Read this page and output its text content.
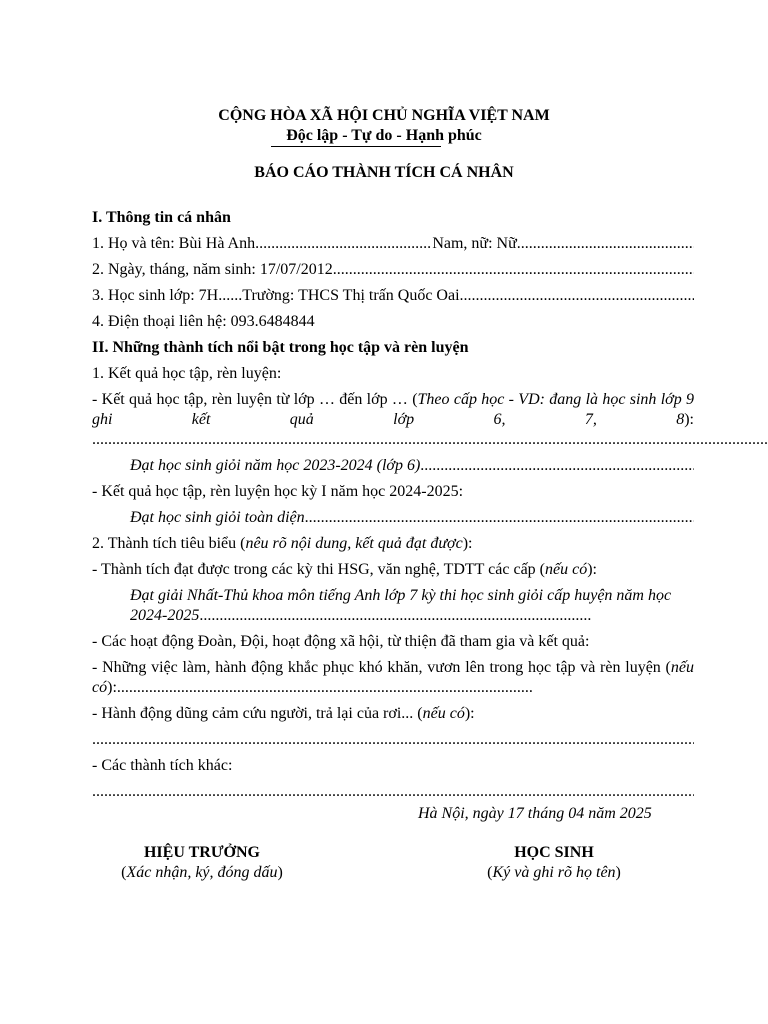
CỘNG HÒA XÃ HỘI CHỦ NGHĨA VIỆT NAM
Độc lập - Tự do - Hạnh phúc
BÁO CÁO THÀNH TÍCH CÁ NHÂN
I. Thông tin cá nhân
1. Họ và tên: Bùi Hà Anh
.....	Nam, nữ: Nữ
.....
2. Ngày, tháng, năm sinh: 17/07/2012
.....
3. Học sinh lớp: 7H......Trường: THCS Thị trấn Quốc Oai
.....
4. Điện thoại liên hệ: 093.6484844
II. Những thành tích nổi bật trong học tập và rèn luyện
1. Kết quả học tập, rèn luyện:
- Kết quả học tập, rèn luyện từ lớp … đến lớp … (Theo cấp học - VD: đang là học sinh lớp 9 ghi kết quả lớp 6, 7, 8): ................................................................................. .....
Đạt học sinh giỏi năm học 2023-2024 (lớp 6)
.....
- Kết quả học tập, rèn luyện học kỳ I năm học 2024-2025:
Đạt học sinh giỏi toàn diện
.....
2. Thành tích tiêu biểu (nêu rõ nội dung, kết quả đạt được):
- Thành tích đạt được trong các kỳ thi HSG, văn nghệ, TDTT các cấp (nếu có):
Đạt giải Nhất-Thủ khoa môn tiếng Anh lớp 7 kỳ thi học sinh giỏi cấp huyện năm học 2024-2025..................................................................................................
- Các hoạt động Đoàn, Đội, hoạt động xã hội, từ thiện đã tham gia và kết quả:
- Những việc làm, hành động khắc phục khó khăn, vươn lên trong học tập và rèn luyện (nếu có):........................................................................................................
- Hành động dũng cảm cứu người, trả lại của rơi... (nếu có):
.....
- Các thành tích khác:
.....
Hà Nội, ngày 17 tháng 04 năm 2025
HIỆU TRƯỞNG
(Xác nhận, ký, đóng dấu)
HỌC SINH
(Ký và ghi rõ họ tên)
